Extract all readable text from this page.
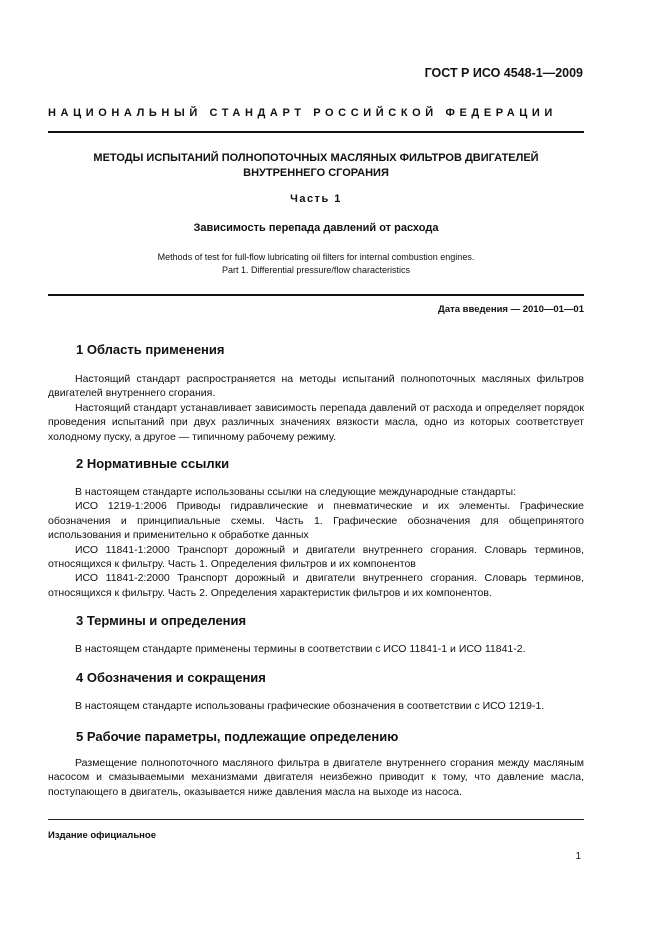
ГОСТ Р ИСО 4548-1—2009
НАЦИОНАЛЬНЫЙ СТАНДАРТ РОССИЙСКОЙ ФЕДЕРАЦИИ
МЕТОДЫ ИСПЫТАНИЙ ПОЛНОПОТОЧНЫХ МАСЛЯНЫХ ФИЛЬТРОВ ДВИГАТЕЛЕЙ
ВНУТРЕННЕГО СГОРАНИЯ
Часть 1
Зависимость перепада давлений от расхода
Methods of test for full-flow lubricating oil filters for internal combustion engines.
Part 1. Differential pressure/flow characteristics
Дата введения — 2010—01—01
1 Область применения

Настоящий стандарт распространяется на методы испытаний полнопоточных масляных фильтров двигателей внутреннего сгорания.

Настоящий стандарт устанавливает зависимость перепада давлений от расхода и определяет порядок проведения испытаний при двух различных значениях вязкости масла, одно из которых соответствует холодному пуску, а другое — типичному рабочему режиму.

2 Нормативные ссылки

В настоящем стандарте использованы ссылки на следующие международные стандарты:

ИСО 1219-1:2006 Приводы гидравлические и пневматические и их элементы. Графические обозначения и принципиальные схемы. Часть 1. Графические обозначения для общепринятого использования и применительно к обработке данных

ИСО 11841-1:2000 Транспорт дорожный и двигатели внутреннего сгорания. Словарь терминов, относящихся к фильтру. Часть 1. Определения фильтров и их компонентов

ИСО 11841-2:2000 Транспорт дорожный и двигатели внутреннего сгорания. Словарь терминов, относящихся к фильтру. Часть 2. Определения характеристик фильтров и их компонентов.

3 Термины и определения

В настоящем стандарте применены термины в соответствии с ИСО 11841-1 и ИСО 11841-2.

4 Обозначения и сокращения

В настоящем стандарте использованы графические обозначения в соответствии с ИСО 1219-1.

5 Рабочие параметры, подлежащие определению

Размещение полнопоточного масляного фильтра в двигателе внутреннего сгорания между масляным насосом и смазываемыми механизмами двигателя неизбежно приводит к тому, что давление масла, поступающего в двигатель, оказывается ниже давления масла на выходе из насоса.

Издание официальное
1
